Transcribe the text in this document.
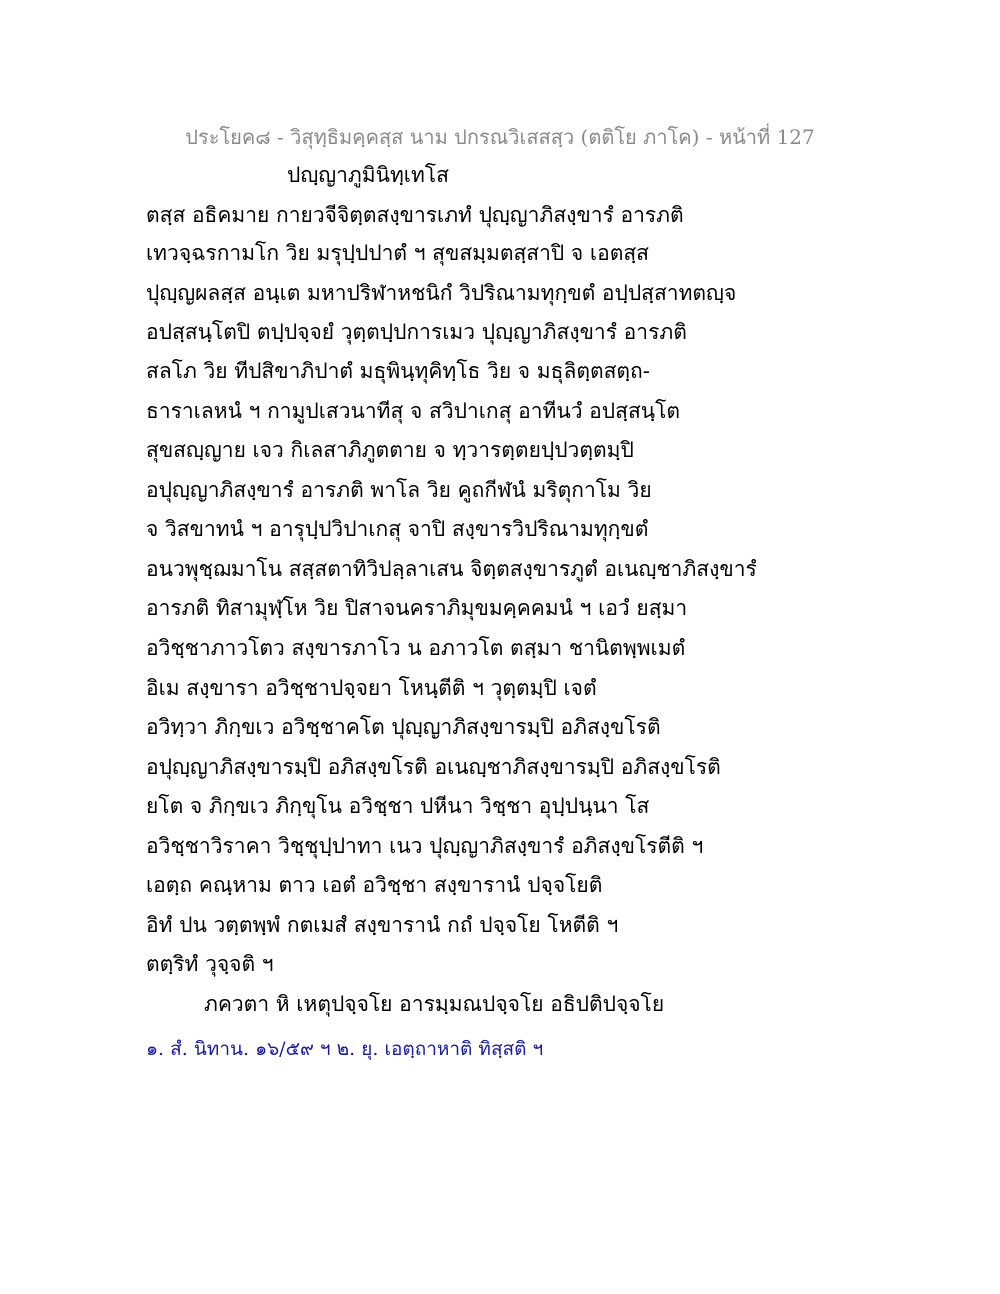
ประโยค๘ - วิสุทฺธิมคฺคสฺส นาม ปกรณวิเสสสฺว (ตติโย ภาโค) - หน้าที่ 127
ปญฺญาภูมินิทฺเทโส
ตสฺส อธิคมาย กายวจีจิตฺตสงฺขารเภทํ ปุญฺญาภิสงฺขารํ อารภติ
เทวจฺฉรกามโก วิย มรุปฺปปาตํ ฯ สุขสมฺมตสฺสาปิ จ เอตสฺส
ปุญฺญผลสฺส อนฺเต มหาปริฬาหชนิกํ วิปริณามทุกฺขตํ อปฺปสฺสาทตญฺจ
อปสฺสนฺโตปิ ตปฺปจฺจยํ วุตฺตปฺปการเมว ปุญฺญาภิสงฺขารํ อารภติ
สลโภ วิย ทีปสิขาภิปาตํ มธุพินฺทุคิทฺโธ วิย จ มธุลิตฺตสตฺถ-
ธาราเลหนํ ฯ กามูปเสวนาทีสุ จ สวิปาเกสุ อาทีนวํ อปสฺสนฺโต
สุขสญฺญาย เจว กิเลสาภิภูตตาย จ ทฺวารตฺตยปฺปวตฺตมฺปิ
อปุญฺญาภิสงฺขารํ อารภติ พาโล วิย คูถกีฬนํ มริตุกาโม วิย
จ วิสขาทนํ ฯ อารุปฺปวิปาเกสุ จาปิ สงฺขารวิปริณามทุกฺขตํ
อนวพุชฺฌมาโน สสฺสตาทิวิปลฺลาเสน จิตฺตสงฺขารภูตํ อเนญฺชาภิสงฺขารํ
อารภติ ทิสามุฬฺโห วิย ปิสาจนคราภิมุขมคฺคคมนํ ฯ เอวํ ยสฺมา
อวิชฺชาภาวโตว สงฺขารภาโว น อภาวโต ตสฺมา ชานิตพฺพเมตํ
อิเม สงฺขารา อวิชฺชาปจฺจยา โหนฺตีติ ฯ วุตฺตมฺปิ เจตํ
อวิทฺวา ภิกฺขเว อวิชฺชาคโต ปุญฺญาภิสงฺขารมฺปิ อภิสงฺขโรติ
อปุญฺญาภิสงฺขารมฺปิ อภิสงฺขโรติ อเนญฺชาภิสงฺขารมฺปิ อภิสงฺขโรติ
ยโต จ ภิกฺขเว ภิกฺขุโน อวิชฺชา ปหีนา วิชฺชา อุปฺปนฺนา โส
อวิชฺชาวิราคา วิชฺชุปฺปาทา เนว ปุญฺญาภิสงฺขารํ อภิสงฺขโรตีติ ฯ
เอตฺถ คณฺหาม ตาว เอตํ อวิชฺชา สงฺขารานํ ปจฺจโยติ
อิทํ ปน วตฺตพฺพํ กตเมสํ สงฺขารานํ กถํ ปจฺจโย โหตีติ ฯ
ตตฺริทํ วุจฺจติ ฯ
ภควตา หิ เหตุปจฺจโย อารมฺมณปจฺจโย อธิปติปจฺจโย
๑. สํ. นิทาน. ๑๖/๕๙ ฯ ๒. ยุ. เอตฺถาหาติ ทิสฺสติ ฯ
